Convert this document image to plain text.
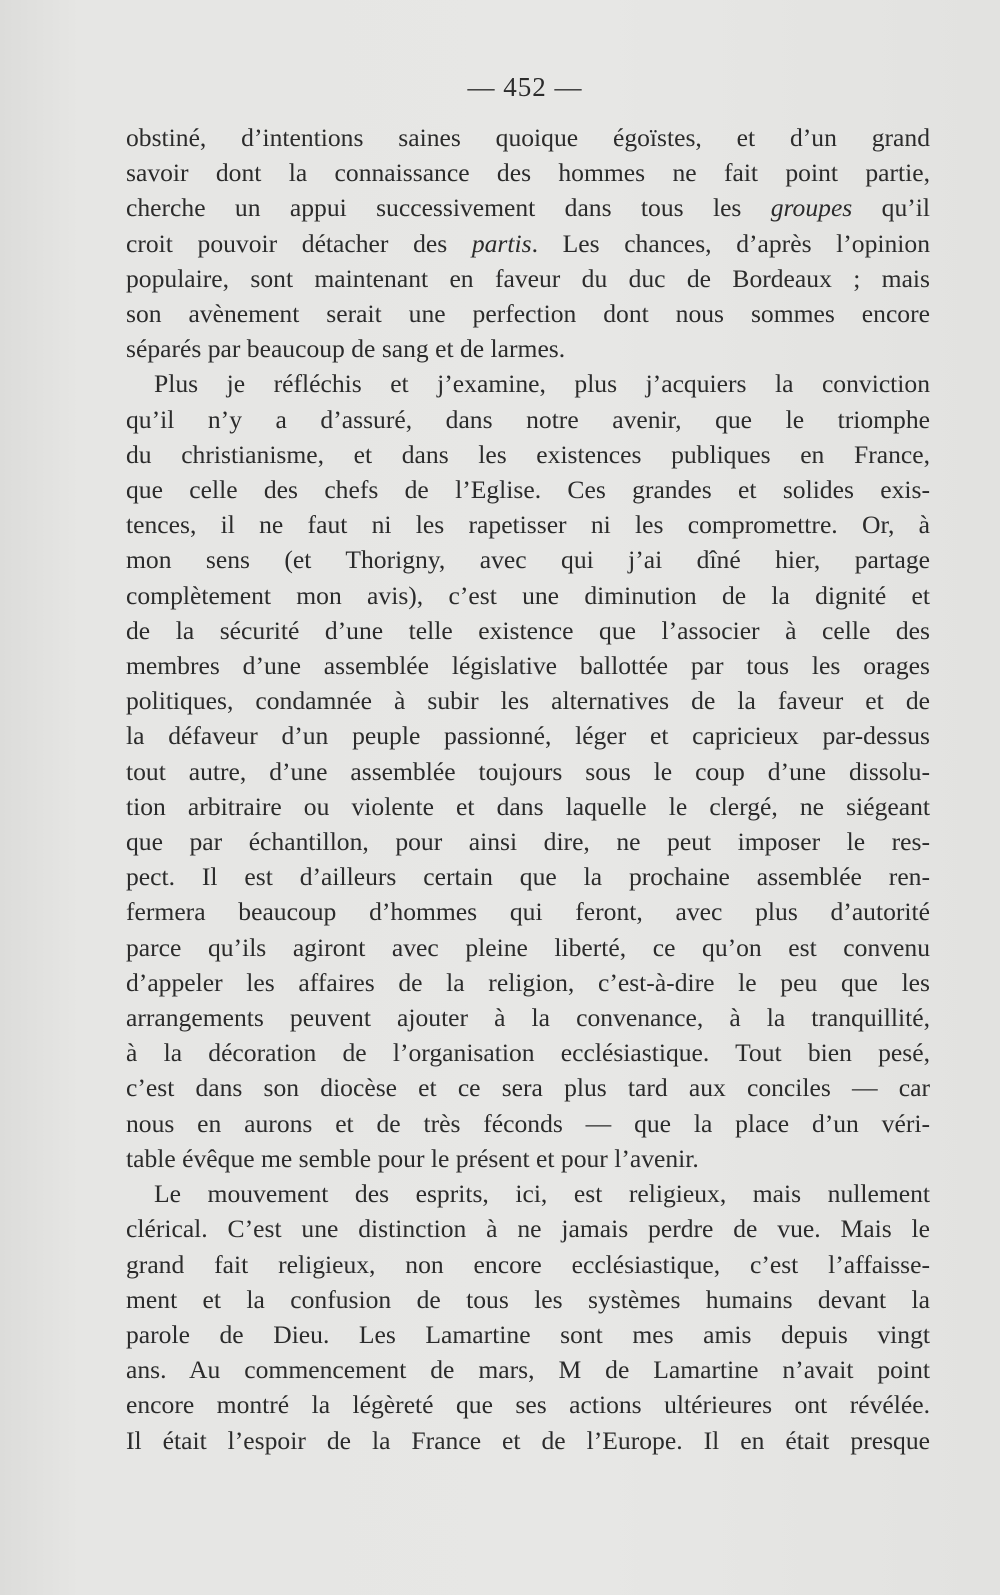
— 452 —
obstiné, d’intentions saines quoique égoïstes, et d’un grand
savoir dont la connaissance des hommes ne fait point partie,
cherche un appui successivement dans tous les groupes qu’il
croit pouvoir détacher des partis. Les chances, d’après l’opinion
populaire, sont maintenant en faveur du duc de Bordeaux ; mais
son avènement serait une perfection dont nous sommes encore
séparés par beaucoup de sang et de larmes.
Plus je réfléchis et j’examine, plus j’acquiers la conviction
qu’il n’y a d’assuré, dans notre avenir, que le triomphe
du christianisme, et dans les existences publiques en France,
que celle des chefs de l’Eglise. Ces grandes et solides exis-
tences, il ne faut ni les rapetisser ni les compromettre. Or, à
mon sens (et Thorigny, avec qui j’ai dîné hier, partage
complètement mon avis), c’est une diminution de la dignité et
de la sécurité d’une telle existence que l’associer à celle des
membres d’une assemblée législative ballottée par tous les orages
politiques, condamnée à subir les alternatives de la faveur et de
la défaveur d’un peuple passionné, léger et capricieux par-dessus
tout autre, d’une assemblée toujours sous le coup d’une dissolu-
tion arbitraire ou violente et dans laquelle le clergé, ne siégeant
que par échantillon, pour ainsi dire, ne peut imposer le res-
pect. Il est d’ailleurs certain que la prochaine assemblée ren-
fermera beaucoup d’hommes qui feront, avec plus d’autorité
parce qu’ils agiront avec pleine liberté, ce qu’on est convenu
d’appeler les affaires de la religion, c’est-à-dire le peu que les
arrangements peuvent ajouter à la convenance, à la tranquillité,
à la décoration de l’organisation ecclésiastique. Tout bien pesé,
c’est dans son diocèse et ce sera plus tard aux conciles — car
nous en aurons et de très féconds — que la place d’un véri-
table évêque me semble pour le présent et pour l’avenir.
Le mouvement des esprits, ici, est religieux, mais nullement
clérical. C’est une distinction à ne jamais perdre de vue. Mais le
grand fait religieux, non encore ecclésiastique, c’est l’affaisse-
ment et la confusion de tous les systèmes humains devant la
parole de Dieu. Les Lamartine sont mes amis depuis vingt
ans. Au commencement de mars, M de Lamartine n’avait point
encore montré la légèreté que ses actions ultérieures ont révélée.
Il était l’espoir de la France et de l’Europe. Il en était presque
